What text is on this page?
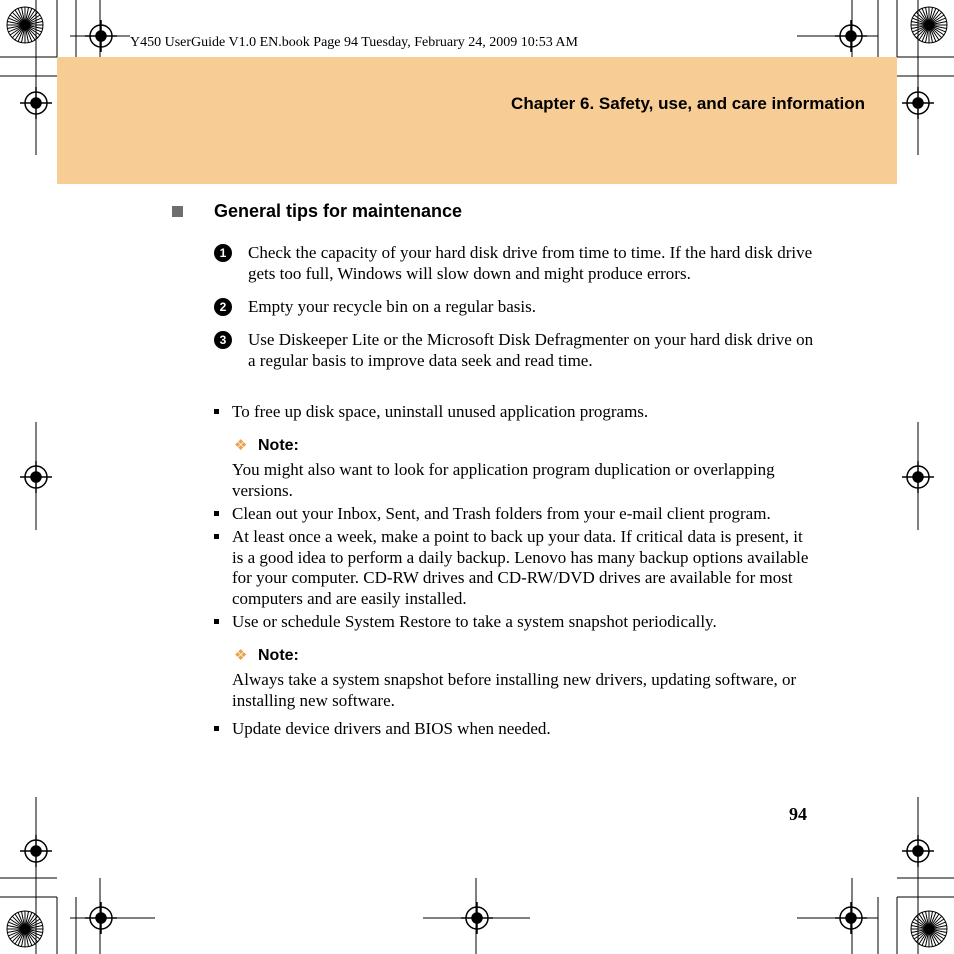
Chapter 6. Safety, use, and care information
Y450 UserGuide V1.0 EN.book Page 94 Tuesday, February 24, 2009 10:53 AM
General tips for maintenance
1	Check the capacity of your hard disk drive from time to time. If the hard disk drive gets too full, Windows will slow down and might produce errors.
2	Empty your recycle bin on a regular basis.
3	Use Diskeeper Lite or the Microsoft Disk Defragmenter on your hard disk drive on a regular basis to improve data seek and read time.
To free up disk space, uninstall unused application programs.
❖ Note:
You might also want to look for application program duplication or overlapping versions.
Clean out your Inbox, Sent, and Trash folders from your e-mail client program.
At least once a week, make a point to back up your data. If critical data is present, it is a good idea to perform a daily backup. Lenovo has many backup options available for your computer. CD-RW drives and CD-RW/DVD drives are available for most computers and are easily installed.
Use or schedule System Restore to take a system snapshot periodically.
❖ Note:
Always take a system snapshot before installing new drivers, updating software, or installing new software.
Update device drivers and BIOS when needed.
94
